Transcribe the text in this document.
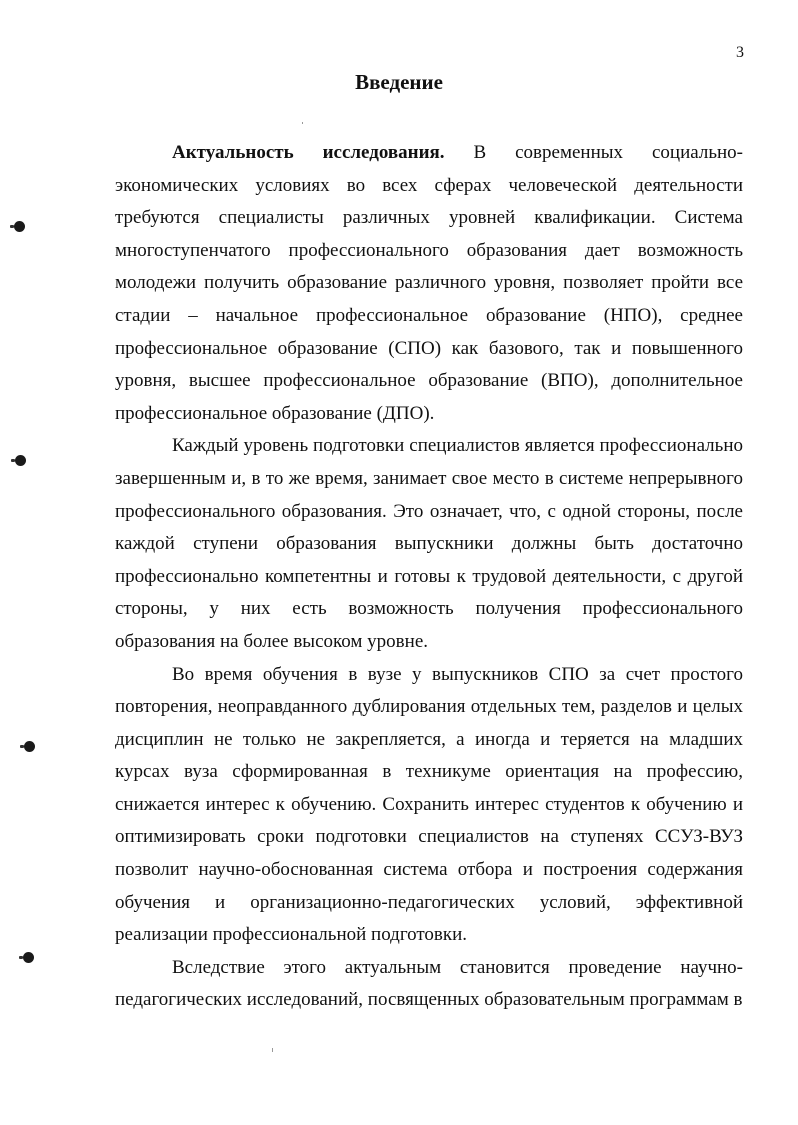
3
Введение

Актуальность исследования. В современных социально-экономических условиях во всех сферах человеческой деятельности требуются специалисты различных уровней квалификации. Система многоступенчатого профессионального образования дает возможность молодежи получить образование различного уровня, позволяет пройти все стадии – начальное профессиональное образование (НПО), среднее профессиональное образование (СПО) как базового, так и повышенного уровня, высшее профессиональное образование (ВПО), дополнительное профессиональное образование (ДПО).

Каждый уровень подготовки специалистов является профессионально завершенным и, в то же время, занимает свое место в системе непрерывного профессионального образования. Это означает, что, с одной стороны, после каждой ступени образования выпускники должны быть достаточно профессионально компетентны и готовы к трудовой деятельности, с другой стороны, у них есть возможность получения профессионального образования на более высоком уровне.

Во время обучения в вузе у выпускников СПО за счет простого повторения, неоправданного дублирования отдельных тем, разделов и целых дисциплин не только не закрепляется, а иногда и теряется на младших курсах вуза сформированная в техникуме ориентация на профессию, снижается интерес к обучению. Сохранить интерес студентов к обучению и оптимизировать сроки подготовки специалистов на ступенях ССУЗ-ВУЗ позволит научно-обоснованная система отбора и построения содержания обучения и организационно-педагогических условий, эффективной реализации профессиональной подготовки.

Вследствие этого актуальным становится проведение научно-педагогических исследований, посвященных образовательным программам в
